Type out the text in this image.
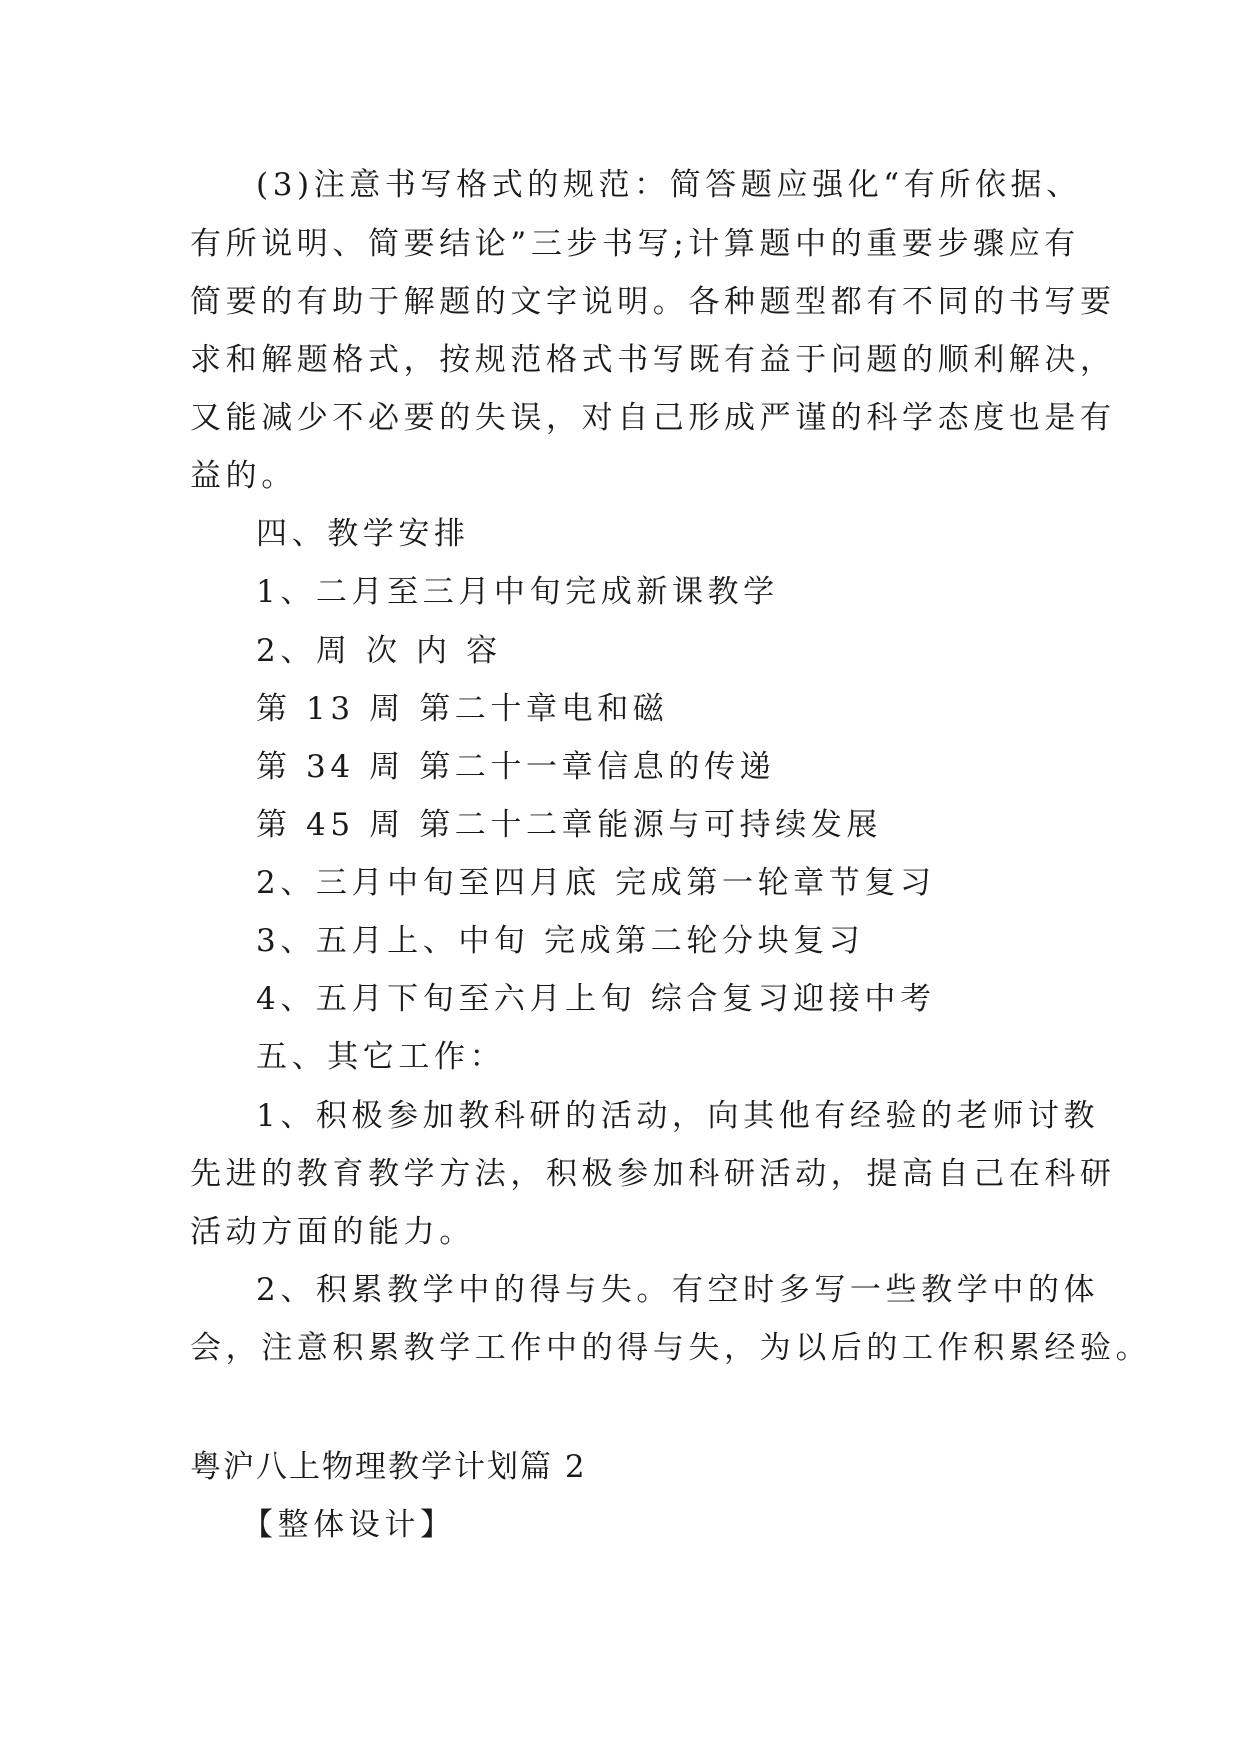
(3)注意书写格式的规范：简答题应强化“有所依据、
有所说明、简要结论”三步书写;计算题中的重要步骤应有
简要的有助于解题的文字说明。各种题型都有不同的书写要
求和解题格式，按规范格式书写既有益于问题的顺利解决，
又能减少不必要的失误，对自己形成严谨的科学态度也是有
益的。
四、教学安排
1、二月至三月中旬完成新课教学
2、周 次 内 容
第 13 周 第二十章电和磁
第 34 周 第二十一章信息的传递
第 45 周 第二十二章能源与可持续发展
2、三月中旬至四月底 完成第一轮章节复习
3、五月上、中旬 完成第二轮分块复习
4、五月下旬至六月上旬 综合复习迎接中考
五、其它工作：
1、积极参加教科研的活动，向其他有经验的老师讨教
先进的教育教学方法，积极参加科研活动，提高自己在科研
活动方面的能力。
2、积累教学中的得与失。有空时多写一些教学中的体
会，注意积累教学工作中的得与失，为以后的工作积累经验。
粤沪八上物理教学计划篇 2
【整体设计】
